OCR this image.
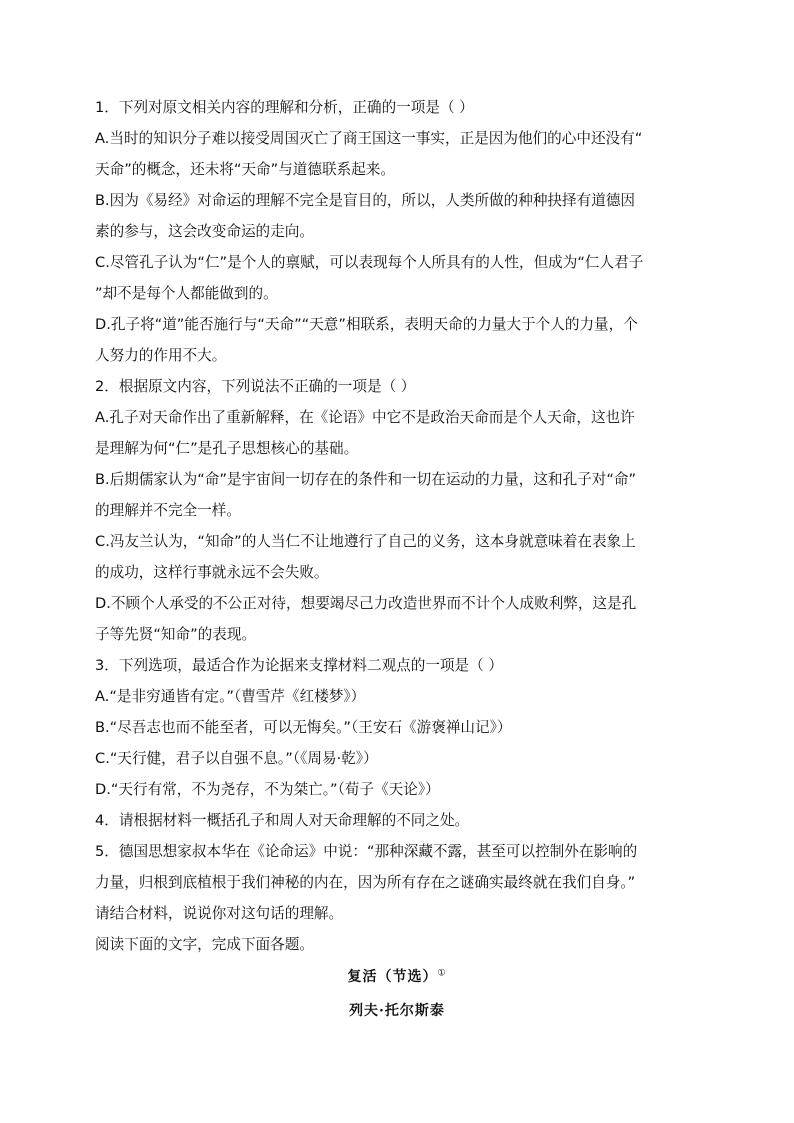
1．下列对原文相关内容的理解和分析，正确的一项是（ ）
A.当时的知识分子难以接受周国灭亡了商王国这一事实，正是因为他们的心中还没有“
天命”的概念，还未将“天命”与道德联系起来。
B.因为《易经》对命运的理解不完全是盲目的，所以，人类所做的种种抉择有道德因
素的参与，这会改变命运的走向。
C.尽管孔子认为“仁”是个人的禀赋，可以表现每个人所具有的人性，但成为“仁人君子
”却不是每个人都能做到的。
D.孔子将“道”能否施行与“天命”“天意”相联系，表明天命的力量大于个人的力量，个
人努力的作用不大。
2．根据原文内容，下列说法不正确的一项是（ ）
A.孔子对天命作出了重新解释，在《论语》中它不是政治天命而是个人天命，这也许
是理解为何“仁”是孔子思想核心的基础。
B.后期儒家认为“命”是宇宙间一切存在的条件和一切在运动的力量，这和孔子对“命”
的理解并不完全一样。
C.冯友兰认为，“知命”的人当仁不让地遵行了自己的义务，这本身就意味着在表象上
的成功，这样行事就永远不会失败。
D.不顾个人承受的不公正对待，想要竭尽己力改造世界而不计个人成败利弊，这是孔
子等先贤“知命”的表现。
3．下列选项，最适合作为论据来支撑材料二观点的一项是（ ）
A.“是非穷通皆有定。”（曹雪芹《红楼梦》）
B.“尽吾志也而不能至者，可以无悔矣。”（王安石《游褒禅山记》）
C.“天行健，君子以自强不息。”（《周易·乾》）
D.“天行有常，不为尧存，不为桀亡。”（荀子《天论》）
4．请根据材料一概括孔子和周人对天命理解的不同之处。
5．德国思想家叔本华在《论命运》中说：“那种深藏不露，甚至可以控制外在影响的
力量，归根到底植根于我们神秘的内在，因为所有存在之谜确实最终就在我们自身。”
请结合材料，说说你对这句话的理解。
阅读下面的文字，完成下面各题。
复活（节选）①
列夫·托尔斯泰
